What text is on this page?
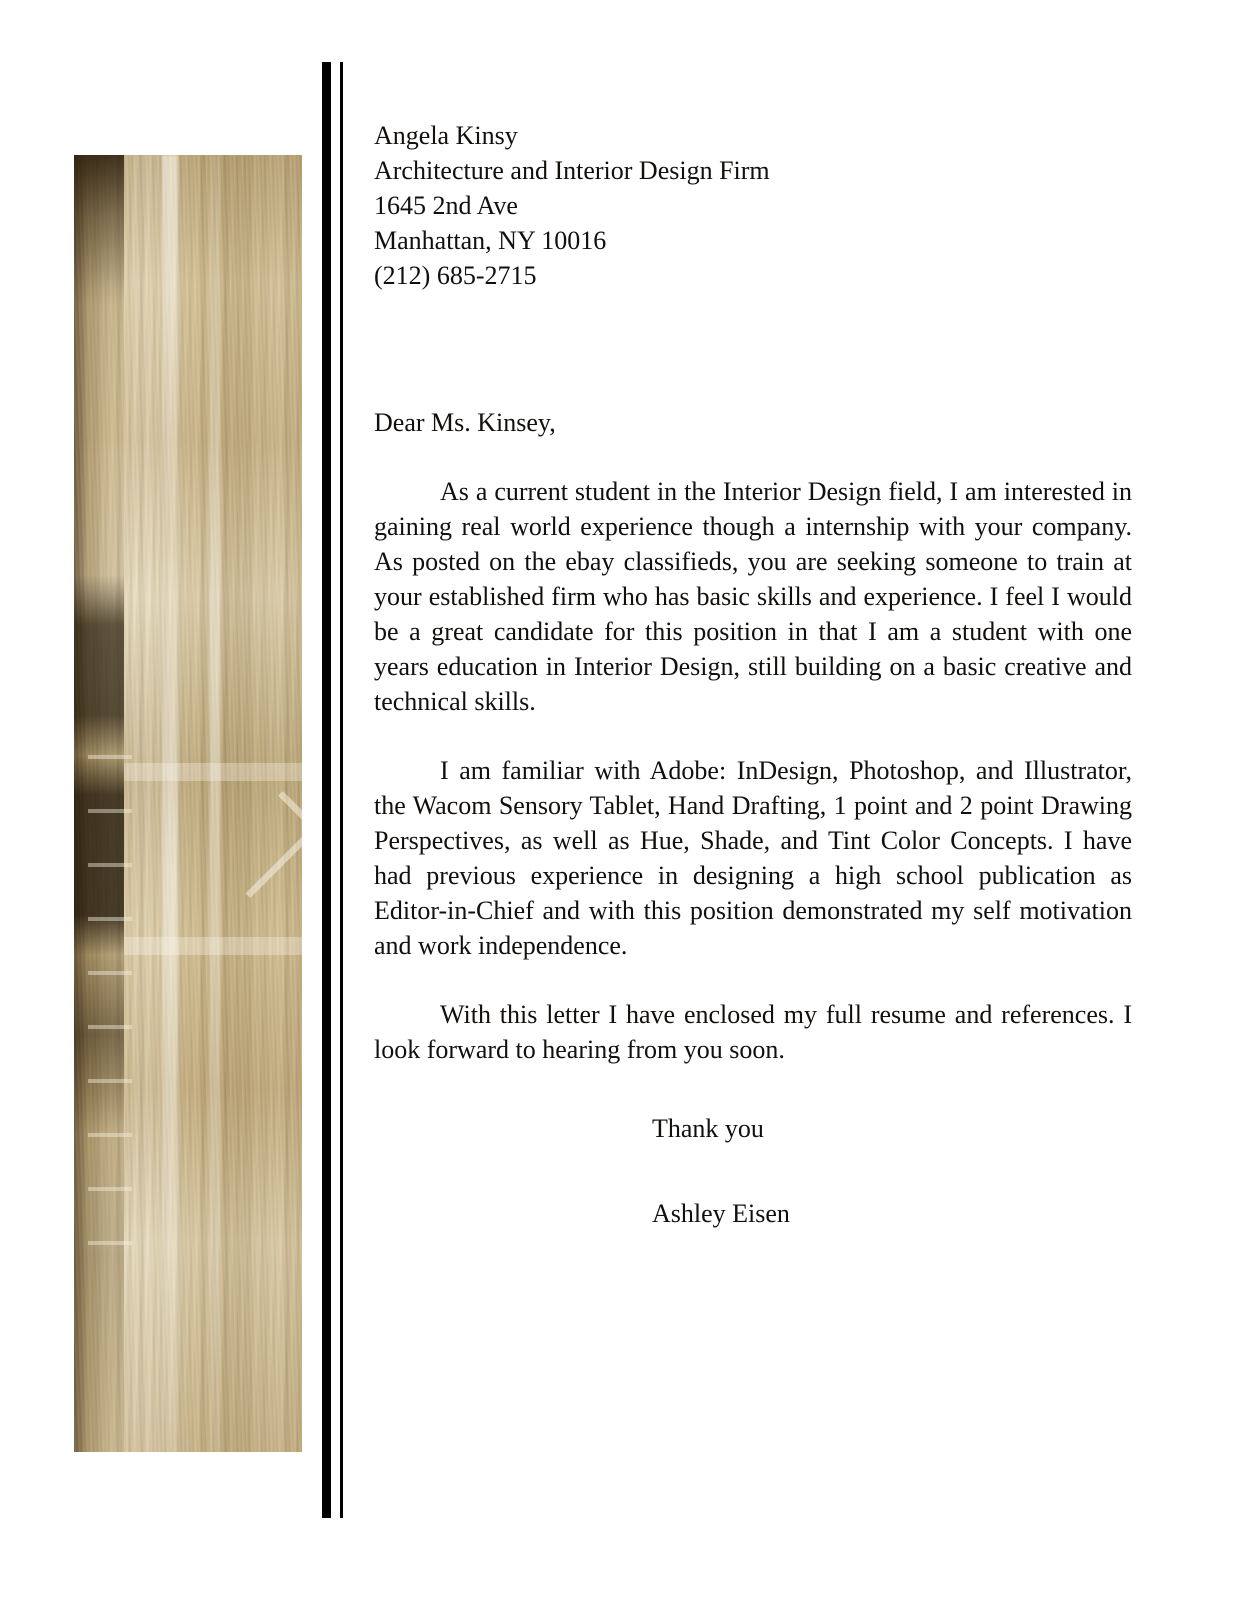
Angela Kinsy
Architecture and Interior Design Firm
1645 2nd Ave
Manhattan, NY 10016
(212) 685-2715
Dear Ms. Kinsey,

As a current student in the Interior Design field, I am interested in gaining real world experience though a internship with your company. As posted on the ebay classifieds, you are seeking someone to train at your established firm who has basic skills and experience. I feel I would be a great candidate for this position in that I am a student with one years education in Interior Design, still building on a basic creative and technical skills.

I am familiar with Adobe: InDesign, Photoshop, and Illustrator, the Wacom Sensory Tablet, Hand Drafting, 1 point and 2 point Drawing Perspectives, as well as Hue, Shade, and Tint Color Concepts. I have had previous experience in designing a high school publication as Editor-in-Chief and with this position demonstrated my self motivation and work independence.

With this letter I have enclosed my full resume and references. I look forward to hearing from you soon.

Thank you
Ashley Eisen
